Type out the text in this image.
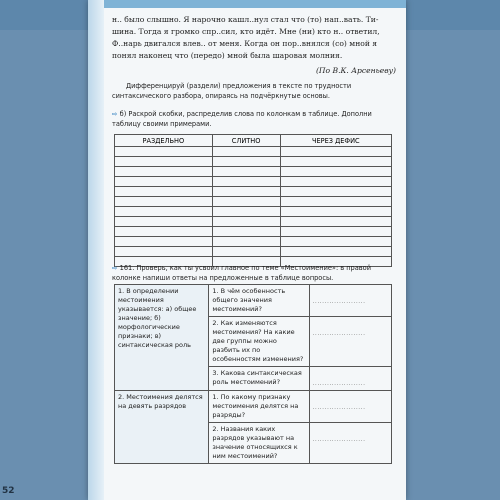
н.. было слышно. Я нарочно кашл..нул стал что (то) нап..вать. Ти-

шина. Тогда я громко спр..сил, кто идёт. Мне (ни) кто н.. ответил,

Ф..нарь двигался влев.. от меня. Когда он пор..внялся (со) мной я

понял наконец что (передо) мной была шаровая молния.

(По В.К. Арсеньеву)
Дифференцируй (раздели) предложения в тексте по трудности синтаксического разбора, опираясь на подчёркнутые основы.
⇨ б) Раскрой скобки, распределив слова по колонкам в таблице. Дополни таблицу своими примерами.
РАЗДЕЛЬНО	СЛИТНО	ЧЕРЕЗ ДЕФИС

⇨ 161. Проверь, как ты усвоил главное по теме «Местоимение»: в правой колонке напиши ответы на предложенные в таблице вопросы.
1. В определении местоимения указывается: а) общее значение; б) морфологические признаки; в) синтаксическая роль	1. В чём особенность общего значения местоимений?	......................

	2. Как изменяются местоимения? На какие две группы можно разбить их по особенностям изменения?	......................

	3. Какова синтаксическая роль местоимений?	......................

2. Местоимения делятся на девять разрядов	1. По какому признаку местоимения делятся на разряды?	......................

	2. Названия каких разрядов указывают на значение относящихся к ним местоимений?	......................
52
